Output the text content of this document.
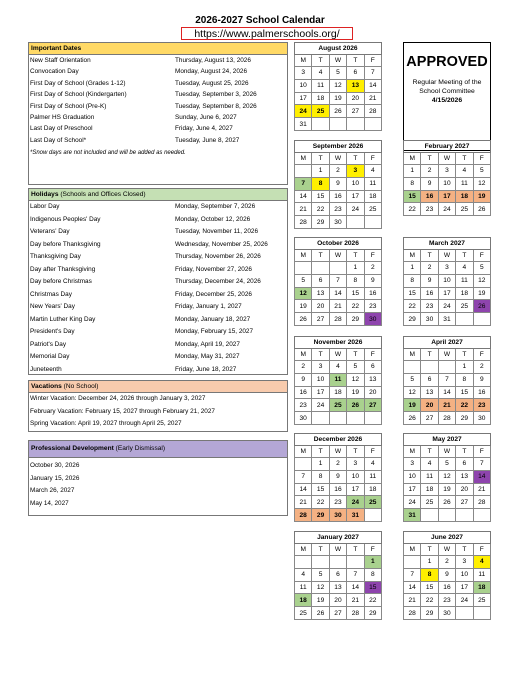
2026-2027 School Calendar
https://www.palmerschools.org/
Important Dates
New Staff Orientation	Thursday, August 13, 2026
Convocation Day	Monday, August 24, 2026
First Day of School (Grades 1-12)	Tuesday, August 25, 2026
First Day of School (Kindergarten)	Tuesday, September 3, 2026
First Day of School (Pre-K)	Tuesday, September 8, 2026
Palmer HS Graduation	Sunday, June 6, 2027
Last Day of Preschool	Friday, June 4, 2027
Last Day of School*	Tuesday, June 8, 2027
*Snow days are not included and will be added as needed.
Holidays (Schools and Offices Closed)
Labor Day	Monday, September 7, 2026
Indigenous Peoples' Day	Monday, October 12, 2026
Veterans' Day	Tuesday, November 11, 2026
Day before Thanksgiving	Wednesday, November 25, 2026
Thanksgiving Day	Thursday, November 26, 2026
Day after Thanksgiving	Friday, November 27, 2026
Day before Christmas	Thursday, December 24, 2026
Christmas Day	Friday, December 25, 2026
New Years' Day	Friday, January 1, 2027
Martin Luther King Day	Monday, January 18, 2027
President's Day	Monday, February 15, 2027
Patriot's Day	Monday, April 19, 2027
Memorial Day	Monday, May 31, 2027
Juneteenth	Friday, June 18, 2027
Vacations (No School)
Winter Vacation: December 24, 2026 through January 3, 2027
February Vacation: February 15, 2027 through February 21, 2027
Spring Vacation: April 19, 2027 through April 25, 2027
Professional Development (Early Dismissal)
October 30, 2026
January 15, 2026
March 26, 2027
May 14, 2027
APPROVED
Regular Meeting of the
School Committee
4/15/2026
August 2026				
M	T	W	T	F
3	4	5	6	7
10	11	12	13	14
17	18	19	20	21
24	25	26	27	28
31				
September 2026				
M	T	W	T	F
	1	2	3	4
7	8	9	10	11
14	15	16	17	18
21	22	23	24	25
28	29	30		
October 2026				
M	T	W	T	F
			1	2
5	6	7	8	9
12	13	14	15	16
19	20	21	22	23
26	27	28	29	30
November 2026				
M	T	W	T	F
2	3	4	5	6
9	10	11	12	13
16	17	18	19	20
23	24	25	26	27
30				
December 2026				
M	T	W	T	F
	1	2	3	4
7	8	9	10	11
14	15	16	17	18
21	22	23	24	25
28	29	30	31	
January 2027				
M	T	W	T	F
				1
4	5	6	7	8
11	12	13	14	15
18	19	20	21	22
25	26	27	28	29
February 2027				
M	T	W	T	F
1	2	3	4	5
8	9	10	11	12
15	16	17	18	19
22	23	24	25	26
March 2027				
M	T	W	T	F
1	2	3	4	5
8	9	10	11	12
15	16	17	18	19
22	23	24	25	26
29	30	31		
April 2027				
M	T	W	T	F
			1	2
5	6	7	8	9
12	13	14	15	16
19	20	21	22	23
26	27	28	29	30
May 2027				
M	T	W	T	F
3	4	5	6	7
10	11	12	13	14
17	18	19	20	21
24	25	26	27	28
31				
June 2027				
M	T	W	T	F
	1	2	3	4
7	8	9	10	11
14	15	16	17	18
21	22	23	24	25
28	29	30		
